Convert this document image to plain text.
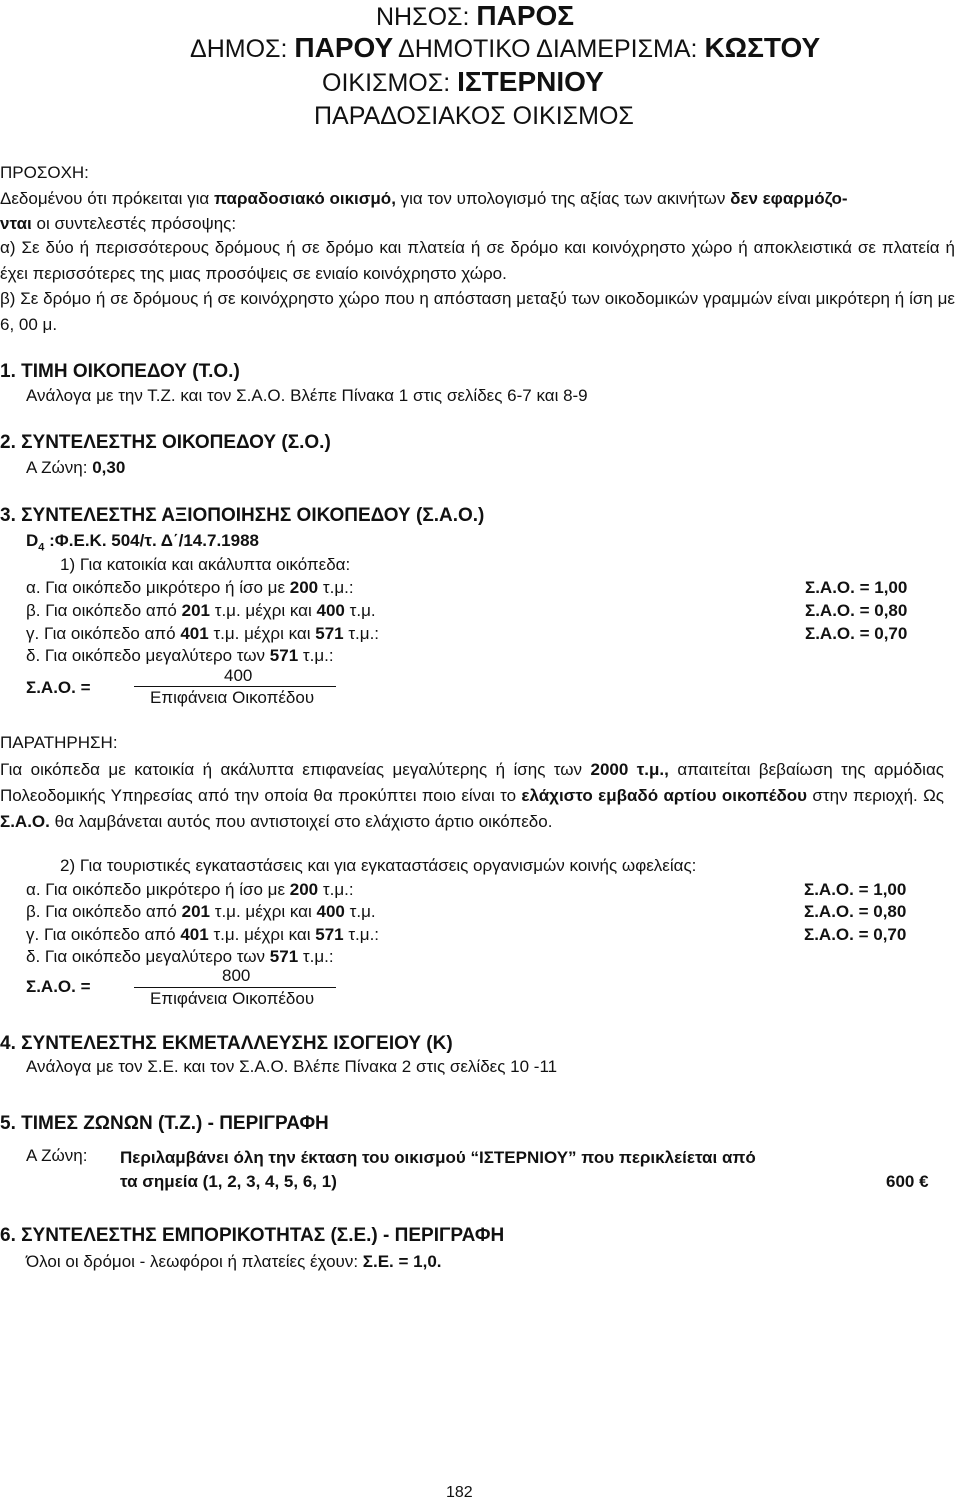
ΝΗΣΟΣ: ΠΑΡΟΣ
ΔΗΜΟΣ: ΠΑΡΟΥ ΔΗΜΟΤΙΚΟ ΔΙΑΜΕΡΙΣΜΑ: ΚΩΣΤΟΥ
ΟΙΚΙΣΜΟΣ: ΙΣΤΕΡΝΙΟΥ
ΠΑΡΑΔΟΣΙΑΚΟΣ ΟΙΚΙΣΜΟΣ
ΠΡΟΣΟΧΗ:
Δεδομένου ότι πρόκειται για παραδοσιακό οικισμό, για τον υπολογισμό της αξίας των ακινήτων δεν εφαρμόζο-
νται οι συντελεστές πρόσοψης:
α) Σε δύο ή περισσότερους δρόμους ή σε δρόμο και πλατεία ή σε δρόμο και κοινόχρηστο χώρο ή αποκλειστικά σε πλατεία ή έχει περισσότερες της μιας προσόψεις σε ενιαίο κοινόχρηστο χώρο.
β) Σε δρόμο ή σε δρόμους ή σε κοινόχρηστο χώρο που η απόσταση μεταξύ των οικοδομικών γραμμών είναι μικρότερη ή ίση με 6, 00 μ.
1. ΤΙΜΗ ΟΙΚΟΠΕΔΟΥ (Τ.Ο.)
Ανάλογα με την Τ.Ζ. και τον Σ.Α.Ο. Βλέπε Πίνακα 1 στις σελίδες 6-7 και 8-9
2. ΣΥΝΤΕΛΕΣΤΗΣ ΟΙΚΟΠΕΔΟΥ (Σ.Ο.)
Α Ζώνη: 0,30
3. ΣΥΝΤΕΛΕΣΤΗΣ ΑΞΙΟΠΟΙΗΣΗΣ ΟΙΚΟΠΕΔΟΥ (Σ.Α.Ο.)
$D_4$ :Φ.Ε.Κ. 504/τ. Δ΄/14.7.1988
1) Για κατοικία και ακάλυπτα οικόπεδα:
α. Για οικόπεδο μικρότερο ή ίσο με 200 τ.μ.:	Σ.Α.Ο. = 1,00
β. Για οικόπεδο από 201 τ.μ. μέχρι και 400 τ.μ.	Σ.Α.Ο. = 0,80
γ. Για οικόπεδο από 401 τ.μ. μέχρι και 571 τ.μ.:	Σ.Α.Ο. = 0,70
δ. Για οικόπεδο μεγαλύτερο των 571 τ.μ.:
Σ.Α.Ο. =
400
Επιφάνεια Οικοπέδου
ΠΑΡΑΤΗΡΗΣΗ:
Για οικόπεδα με κατοικία ή ακάλυπτα επιφανείας μεγαλύτερης ή ίσης των 2000 τ.μ., απαιτείται βεβαίωση της αρμόδιας Πολεοδομικής Υπηρεσίας από την οποία θα προκύπτει ποιο είναι το ελάχιστο εμβαδό αρτίου οικοπέδου στην περιοχή. Ως Σ.Α.Ο. θα λαμβάνεται αυτός που αντιστοιχεί στο ελάχιστο άρτιο οικόπεδο.
2) Για τουριστικές εγκαταστάσεις και για εγκαταστάσεις οργανισμών κοινής ωφελείας:
α. Για οικόπεδο μικρότερο ή ίσο με 200 τ.μ.:	Σ.Α.Ο. = 1,00
β. Για οικόπεδο από 201 τ.μ. μέχρι και 400 τ.μ.	Σ.Α.Ο. = 0,80
γ. Για οικόπεδο από 401 τ.μ. μέχρι και 571 τ.μ.:	Σ.Α.Ο. = 0,70
δ. Για οικόπεδο μεγαλύτερο των 571 τ.μ.:
Σ.Α.Ο. =
800
Επιφάνεια Οικοπέδου
4. ΣΥΝΤΕΛΕΣΤΗΣ ΕΚΜΕΤΑΛΛΕΥΣΗΣ ΙΣΟΓΕΙΟΥ (Κ)
Ανάλογα με τον Σ.Ε. και τον Σ.Α.Ο. Βλέπε Πίνακα 2 στις σελίδες 10 -11
5. ΤΙΜΕΣ ΖΩΝΩΝ (Τ.Ζ.) - ΠΕΡΙΓΡΑΦΗ
Α Ζώνη: Περιλαμβάνει όλη την έκταση του οικισμού “ΙΣΤΕΡΝΙΟΥ” που περικλείεται από
τα σημεία (1, 2, 3, 4, 5, 6, 1)	600 €
6. ΣΥΝΤΕΛΕΣΤΗΣ ΕΜΠΟΡΙΚΟΤΗΤΑΣ (Σ.Ε.) - ΠΕΡΙΓΡΑΦΗ
Όλοι οι δρόμοι - λεωφόροι ή πλατείες έχουν: Σ.Ε. = 1,0.
182
